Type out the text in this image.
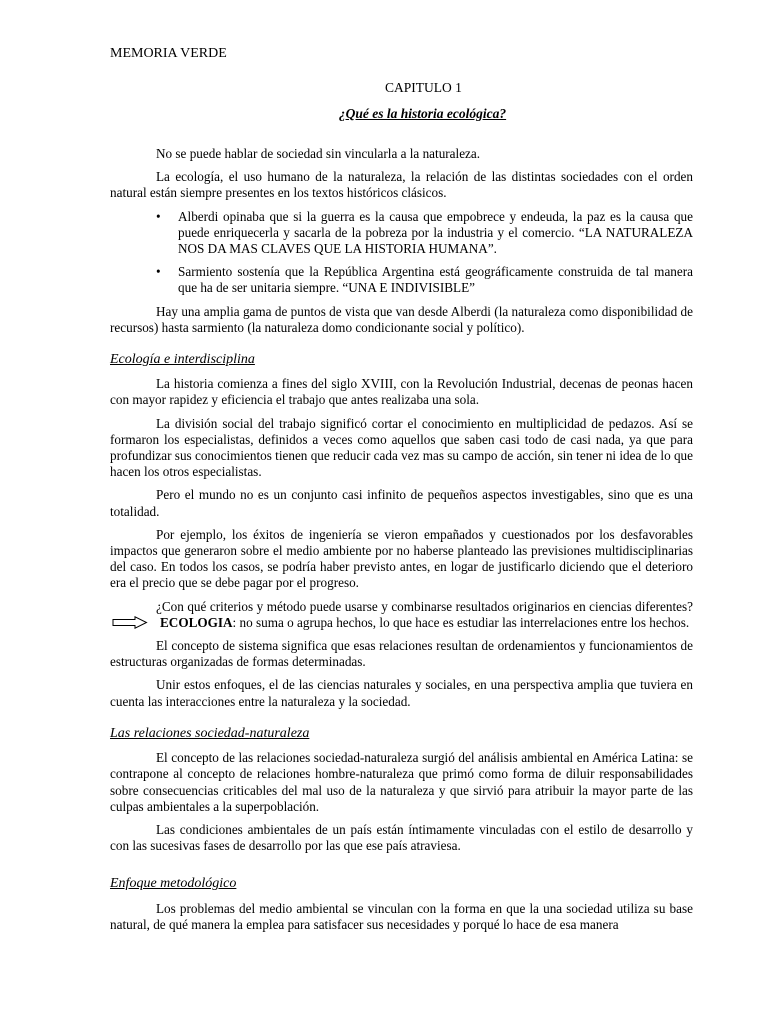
MEMORIA VERDE
CAPITULO 1
¿Qué es la historia ecológica?

No se puede hablar de sociedad sin vincularla a la naturaleza.

La ecología, el uso humano de la naturaleza, la relación de las distintas sociedades con el orden natural están siempre presentes en los textos históricos clásicos.

• Alberdi opinaba que si la guerra es la causa que empobrece y endeuda, la paz es la causa que puede enriquecerla y sacarla de la pobreza por la industria y el comercio. “LA NATURALEZA NOS DA MAS CLAVES QUE LA HISTORIA HUMANA”.
• Sarmiento sostenía que la República Argentina está geográficamente construida de tal manera que ha de ser unitaria siempre. “UNA E INDIVISIBLE”

Hay una amplia gama de puntos de vista que van desde Alberdi (la naturaleza como disponibilidad de recursos) hasta sarmiento (la naturaleza domo condicionante social y político).

Ecología e interdisciplina

La historia comienza a fines del siglo XVIII, con la Revolución Industrial, decenas de peonas hacen con mayor rapidez y eficiencia el trabajo que antes realizaba una sola.

La división social del trabajo significó cortar el conocimiento en multiplicidad de pedazos. Así se formaron los especialistas, definidos a veces como aquellos que saben casi todo de casi nada, ya que para profundizar sus conocimientos tienen que reducir cada vez mas su campo de acción, sin tener ni idea de lo que hacen los otros especialistas.

Pero el mundo no es un conjunto casi infinito de pequeños aspectos investigables, sino que es una totalidad.

Por ejemplo, los éxitos de ingeniería se vieron empañados y cuestionados por los desfavorables impactos que generaron sobre el medio ambiente por no haberse planteado las previsiones multidisciplinarias del caso. En todos los casos, se podría haber previsto antes, en logar de justificarlo diciendo que el deterioro era el precio que se debe pagar por el progreso.

¿Con qué criterios y método puede usarse y combinarse resultados originarios en ciencias diferentes?ECOLOGIA: no suma o agrupa hechos, lo que hace es estudiar las interrelaciones entre los hechos.

El concepto de sistema significa que esas relaciones resultan de ordenamientos y funcionamientos de estructuras organizadas de formas determinadas.

Unir estos enfoques, el de las ciencias naturales y sociales, en una perspectiva amplia que tuviera en cuenta las interacciones entre la naturaleza y la sociedad.

Las relaciones sociedad-naturaleza

El concepto de las relaciones sociedad-naturaleza surgió del análisis ambiental en América Latina: se contrapone al concepto de relaciones hombre-naturaleza que primó como forma de diluir responsabilidades sobre consecuencias criticables del mal uso de la naturaleza y que sirvió para atribuir la mayor parte de las culpas ambientales a la superpoblación.

Las condiciones ambientales de un país están íntimamente vinculadas con el estilo de desarrollo y con las sucesivas fases de desarrollo por las que ese país atraviesa.

Enfoque metodológico

Los problemas del medio ambiental se vinculan con la forma en que la una sociedad utiliza su base natural, de qué manera la emplea para satisfacer sus necesidades y porqué lo hace de esa manera
